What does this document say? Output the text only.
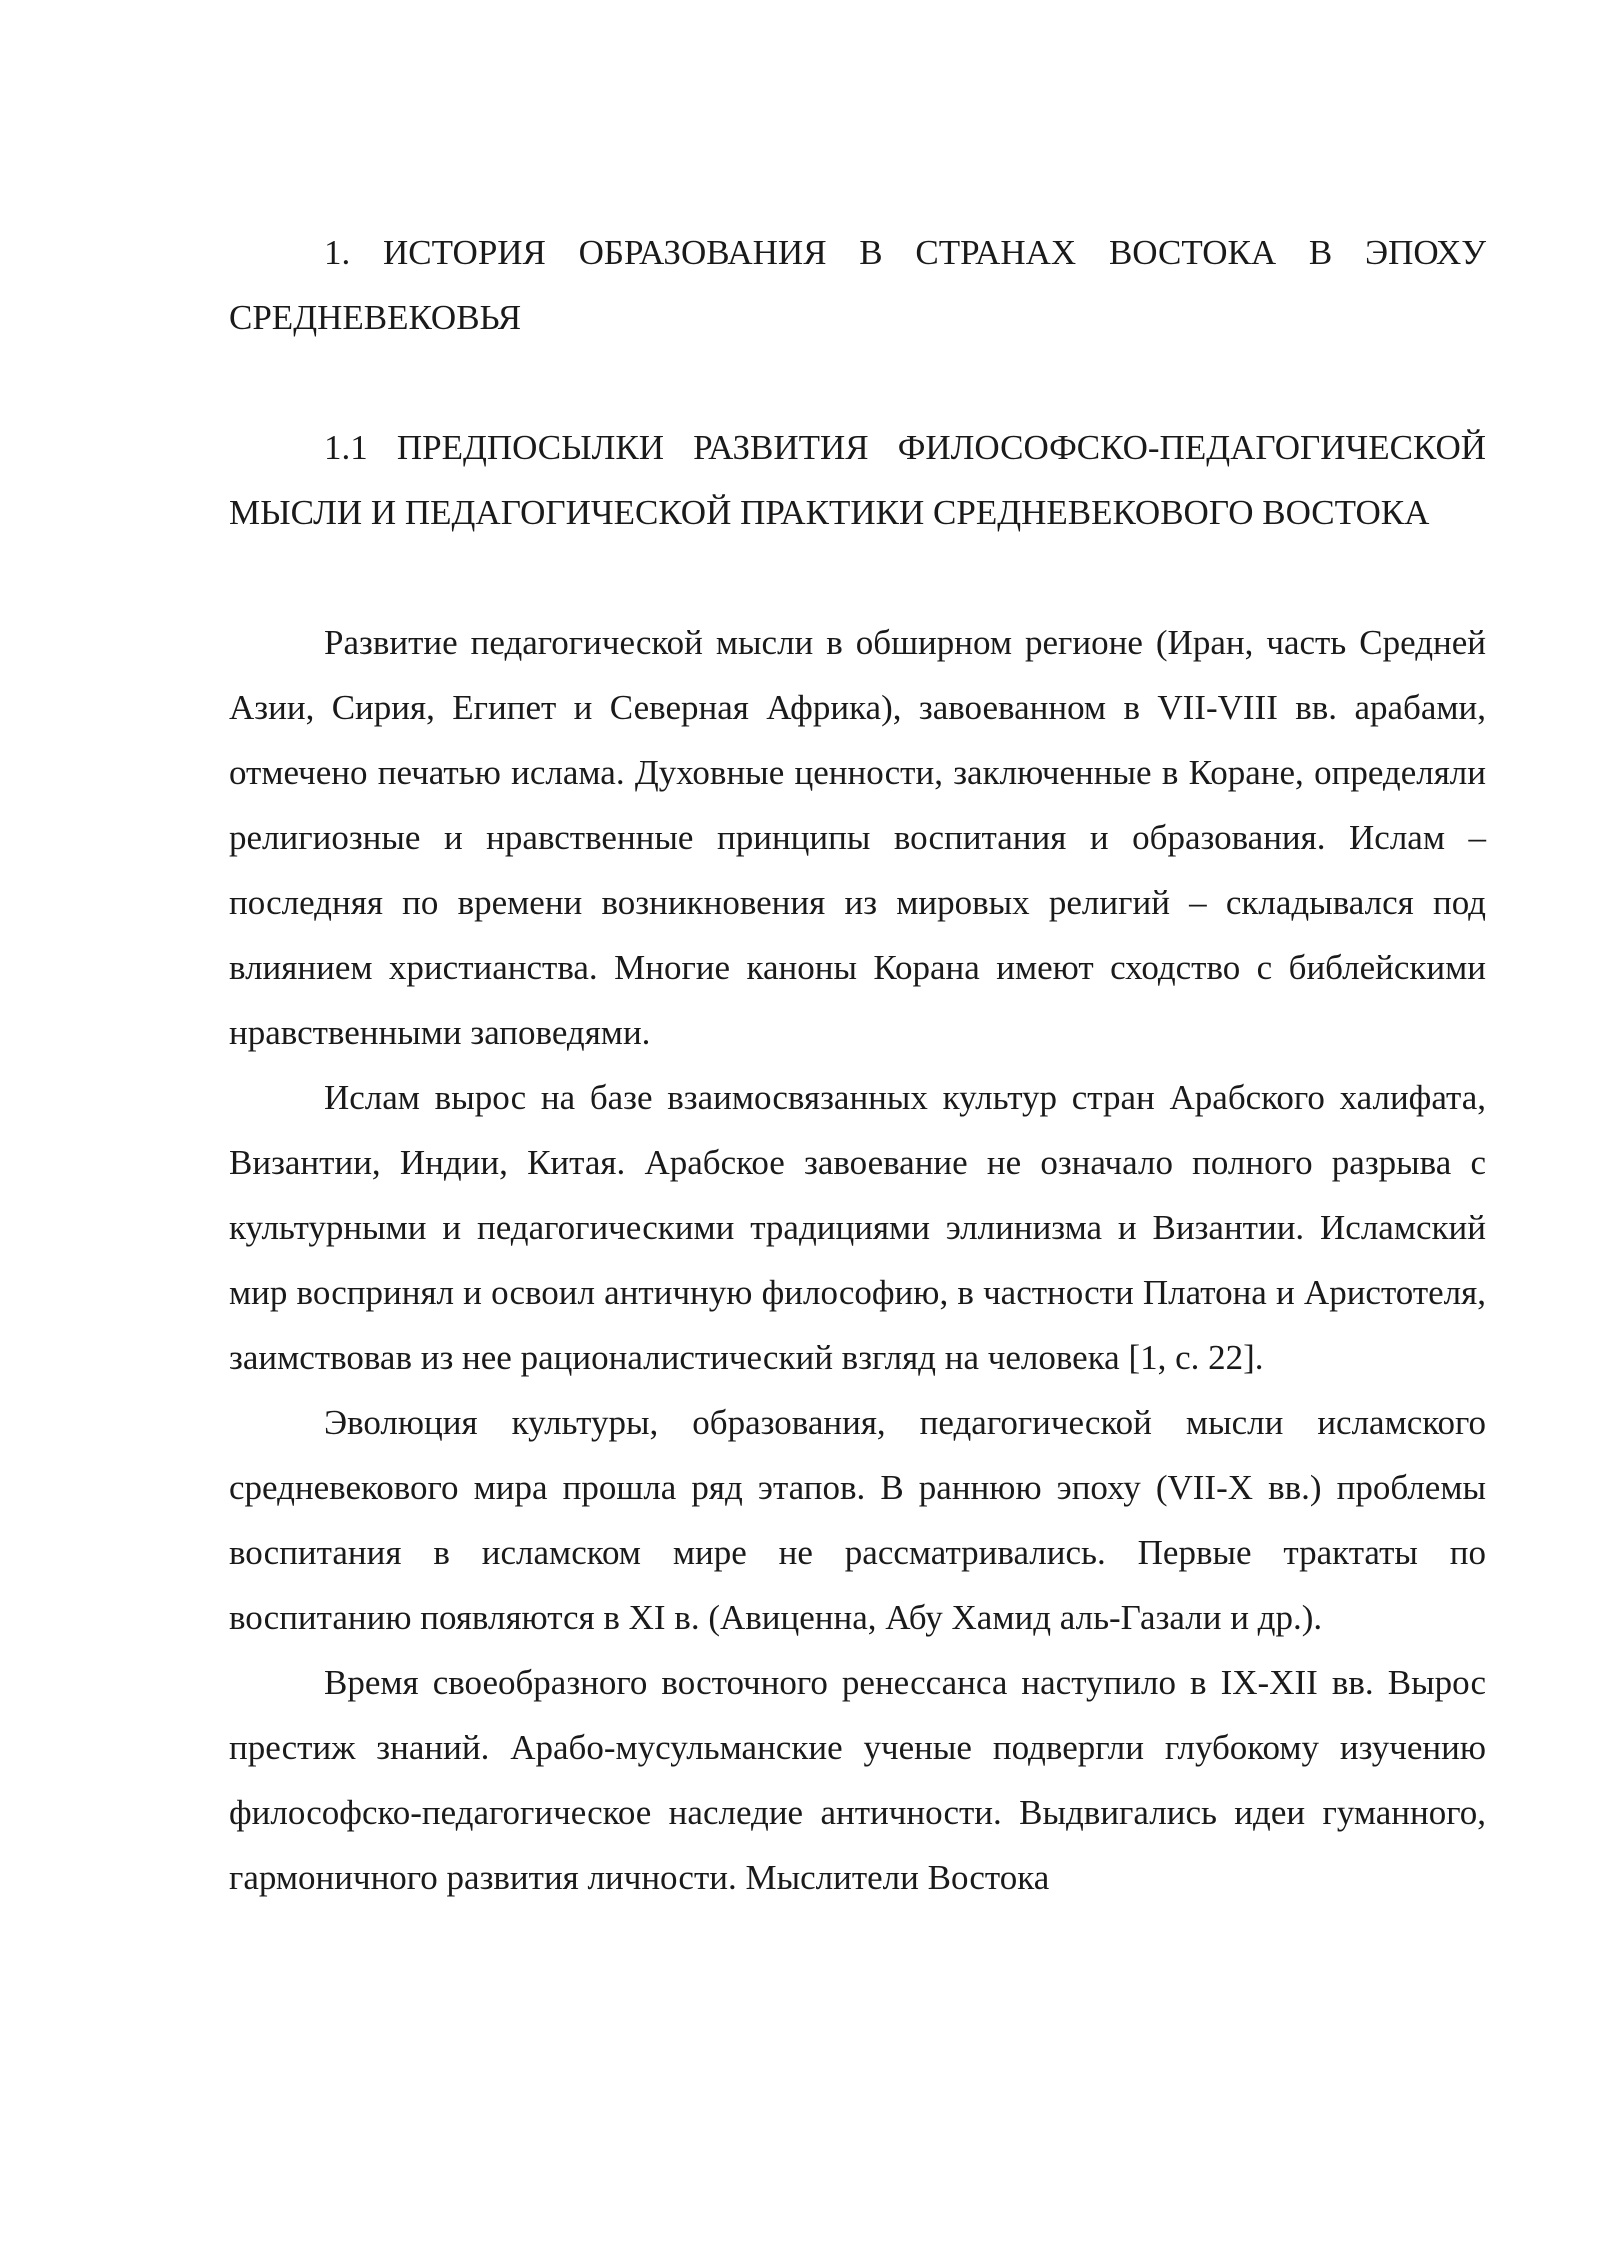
1. ИСТОРИЯ ОБРАЗОВАНИЯ В СТРАНАХ ВОСТОКА В ЭПОХУ СРЕДНЕВЕКОВЬЯ
1.1 ПРЕДПОСЫЛКИ РАЗВИТИЯ ФИЛОСОФСКО-ПЕДАГОГИЧЕСКОЙ МЫСЛИ И ПЕДАГОГИЧЕСКОЙ ПРАКТИКИ СРЕДНЕВЕКОВОГО ВОСТОКА

Развитие педагогической мысли в обширном регионе (Иран, часть Средней Азии, Сирия, Египет и Северная Африка), завоеванном в VII-VIII вв. арабами, отмечено печатью ислама. Духовные ценности, заключенные в Коране, определяли религиозные и нравственные принципы воспитания и образования. Ислам – последняя по времени возникновения из мировых религий – складывался под влиянием христианства. Многие каноны Корана имеют сходство с библейскими нравственными заповедями.

Ислам вырос на базе взаимосвязанных культур стран Арабского халифата, Византии, Индии, Китая. Арабское завоевание не означало полного разрыва с культурными и педагогическими традициями эллинизма и Византии. Исламский мир воспринял и освоил античную философию, в частности Платона и Аристотеля, заимствовав из нее рационалистический взгляд на человека [1, с. 22].

Эволюция культуры, образования, педагогической мысли исламского средневекового мира прошла ряд этапов. В раннюю эпоху (VII-X вв.) проблемы воспитания в исламском мире не рассматривались. Первые трактаты по воспитанию появляются в XI в. (Авиценна, Абу Хамид аль-Газали и др.).

Время своеобразного восточного ренессанса наступило в IX-XII вв. Вырос престиж знаний. Арабо-мусульманские ученые подвергли глубокому изучению философско-педагогическое наследие античности. Выдвигались идеи гуманного, гармоничного развития личности. Мыслители Востока
